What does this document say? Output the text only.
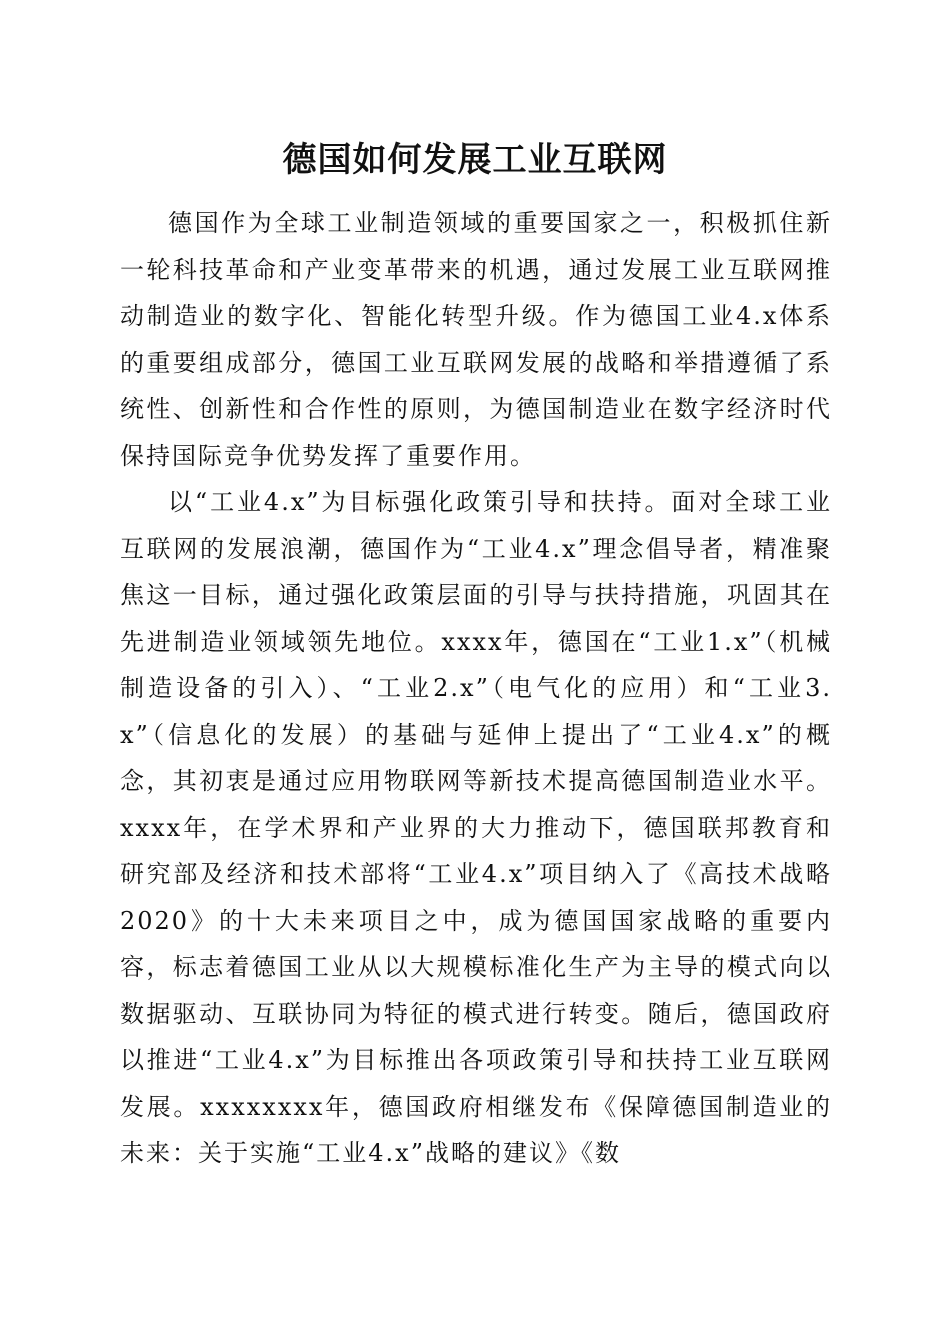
德国如何发展工业互联网

德国作为全球工业制造领域的重要国家之一，积极抓住新一轮科技革命和产业变革带来的机遇，通过发展工业互联网推动制造业的数字化、智能化转型升级。作为德国工业4.x体系的重要组成部分，德国工业互联网发展的战略和举措遵循了系统性、创新性和合作性的原则，为德国制造业在数字经济时代保持国际竞争优势发挥了重要作用。

以“工业4.x”为目标强化政策引导和扶持。面对全球工业互联网的发展浪潮，德国作为“工业4.x”理念倡导者，精准聚焦这一目标，通过强化政策层面的引导与扶持措施，巩固其在先进制造业领域领先地位。xxxx年，德国在“工业1.x”（机械制造设备的引入）、“工业2.x”（电气化的应用）和“工业3.x”（信息化的发展）的基础与延伸上提出了“工业4.x”的概念，其初衷是通过应用物联网等新技术提高德国制造业水平。xxxx年，在学术界和产业界的大力推动下，德国联邦教育和研究部及经济和技术部将“工业4.x”项目纳入了《高技术战略2020》的十大未来项目之中，成为德国国家战略的重要内容，标志着德国工业从以大规模标准化生产为主导的模式向以数据驱动、互联协同为特征的模式进行转变。随后，德国政府以推进“工业4.x”为目标推出各项政策引导和扶持工业互联网发展。xxxxxxxx年，德国政府相继发布《保障德国制造业的未来：关于实施“工业4.x”战略的建议》《数
